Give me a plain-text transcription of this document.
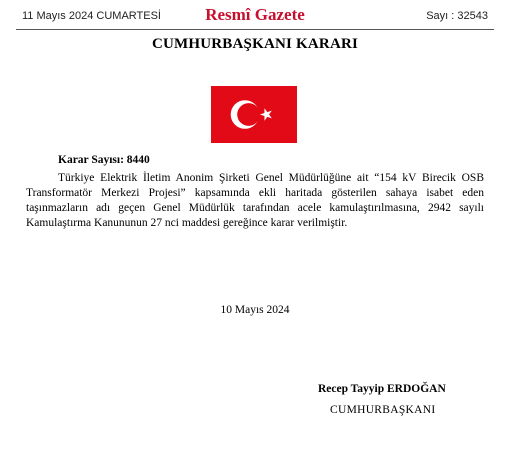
11 Mayıs 2024 CUMARTESİ	Resmî Gazete	Sayı : 32543
CUMHURBAŞKANI KARARI
Karar Sayısı: 8440
Türkiye Elektrik İletim Anonim Şirketi Genel Müdürlüğüne ait “154 kV Birecik OSB Transformatör Merkezi Projesi” kapsamında ekli haritada gösterilen sahaya isabet eden taşınmazların adı geçen Genel Müdürlük tarafından acele kamulaştırılmasına, 2942 sayılı Kamulaştırma Kanununun 27 nci maddesi gereğince karar verilmiştir.
10 Mayıs 2024
Recep Tayyip ERDOĞAN
CUMHURBAŞKANI
